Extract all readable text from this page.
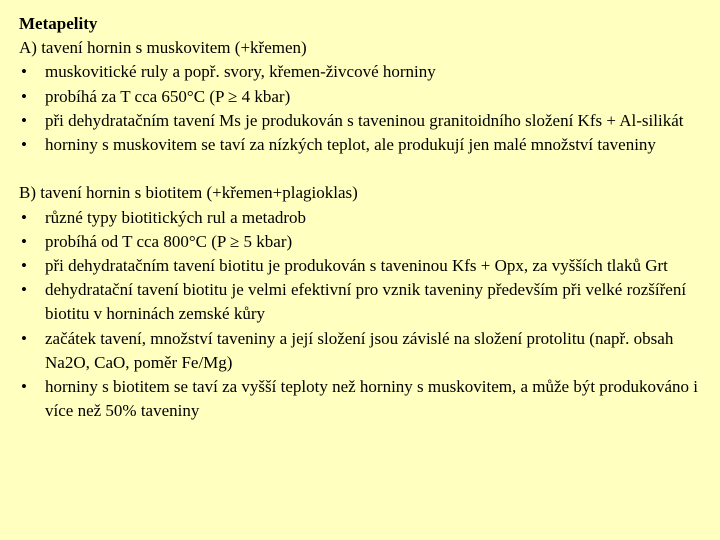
Metapelity
A) tavení hornin s muskovitem (+křemen)
• muskovitické ruly a popř. svory, křemen-živcové horniny
• probíhá za T cca 650°C (P ≥ 4 kbar)
• při dehydratačním tavení Ms je produkován s taveninou granitoidního složení Kfs + Al-silikát
• horniny s muskovitem se taví za nízkých teplot, ale produkují jen malé množství taveniny
B) tavení hornin s biotitem (+křemen+plagioklas)
• různé typy biotitických rul a metadrob
• probíhá od T cca 800°C (P ≥ 5 kbar)
• při dehydratačním tavení biotitu je produkován s taveninou Kfs + Opx, za vyšších tlaků Grt
• dehydratační tavení biotitu je velmi efektivní pro vznik taveniny především při velké rozšíření biotitu v horninách zemské kůry
• začátek tavení, množství taveniny a její složení jsou závislé na složení protolitu (např. obsah Na2O, CaO, poměr Fe/Mg)
• horniny s biotitem se taví za vyšší teploty než horniny s muskovitem, a může být produkováno i více než 50% taveniny
